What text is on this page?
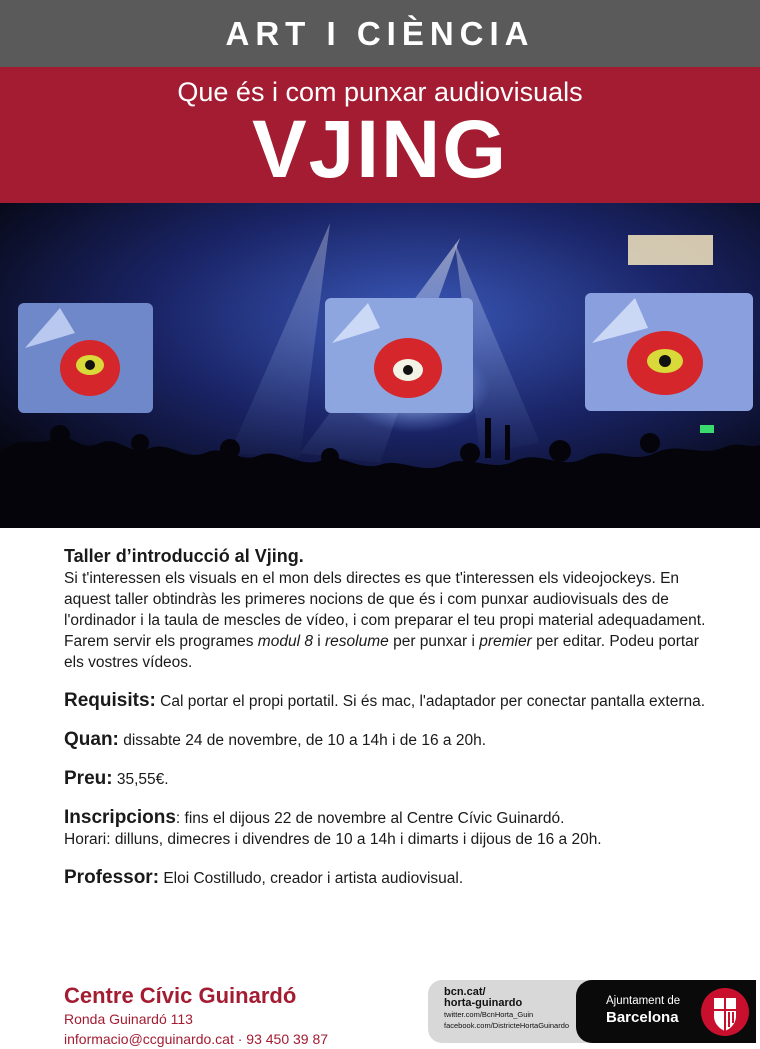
ART I CIÈNCIA
Que és i com punxar audiovisuals
VJING
Taller d’introducció al Vjing.

Si t'interessen els visuals en el mon dels directes es que t'interessen els videojockeys. En aquest taller obtindràs les primeres nocions de que és i com punxar audiovisuals des de l'ordinador i la taula de mescles de vídeo, i com preparar el teu propi material adequadament. Farem servir els programes modul 8 i resolume per punxar i premier per editar. Podeu portar els vostres vídeos.

Requisits: Cal portar el propi portatil. Si és mac, l'adaptador per conectar pantalla externa.
Quan: dissabte 24 de novembre, de 10 a 14h i de 16 a 20h.
Preu: 35,55€.
Inscripcions: fins el dijous 22 de novembre al Centre Cívic Guinardó.
Horari: dilluns, dimecres i divendres de 10 a 14h i dimarts i dijous de 16 a 20h.
Professor: Eloi Costilludo, creador i artista audiovisual.
Centre Cívic Guinardó
Ronda Guinardó 113
informacio@ccguinardo.cat · 93 450 39 87
bcn.cat/
horta-guinardo
twitter.com/BcnHorta_Guin
facebook.com/DistricteHortaGuinardo
Ajuntament de
Barcelona
